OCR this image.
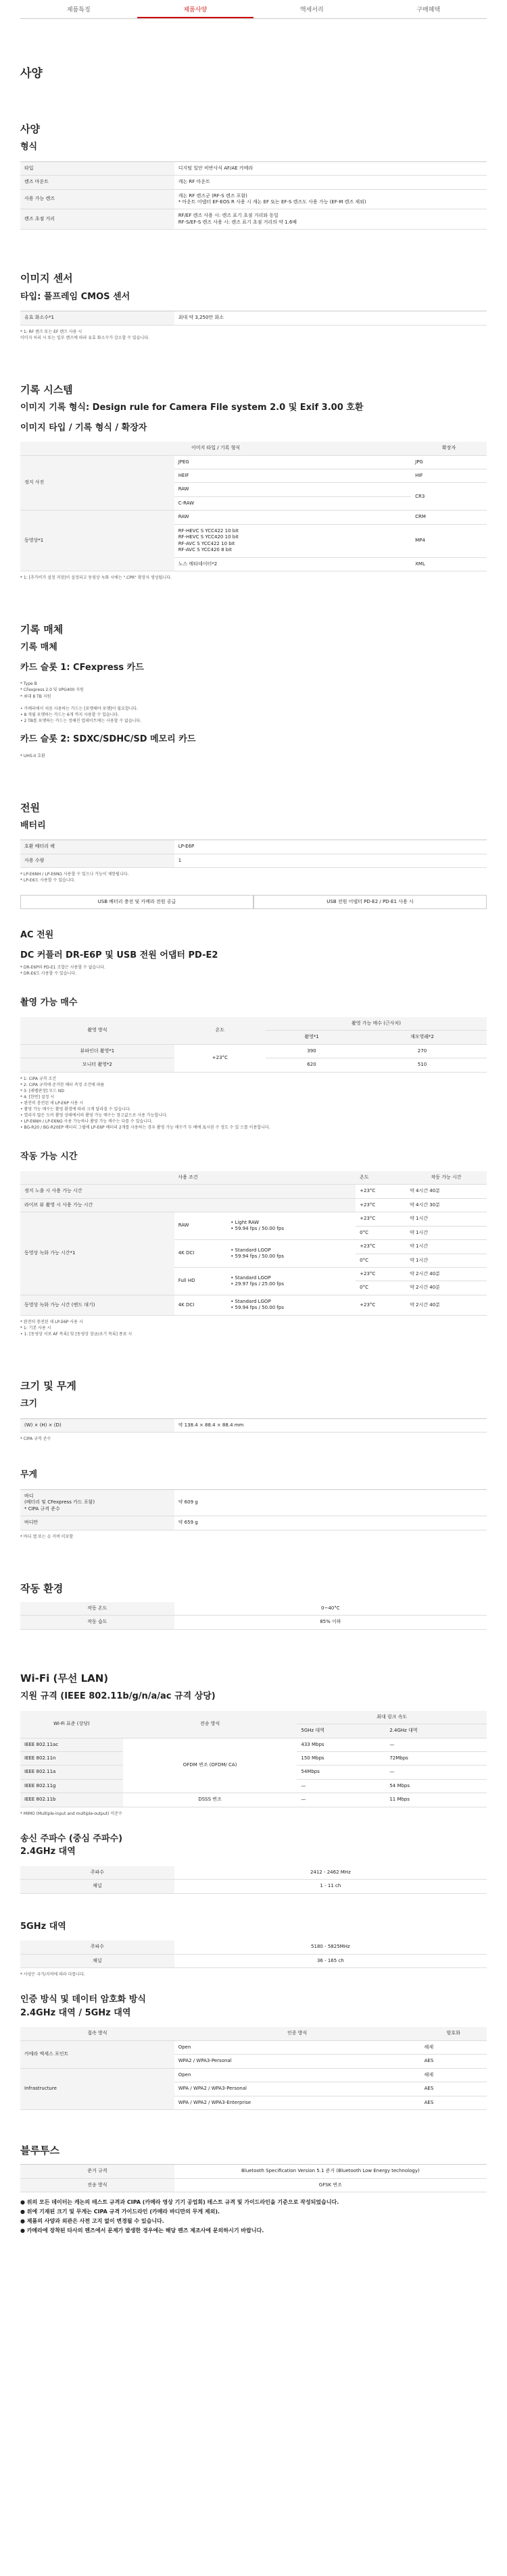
제품특징	제품사양	액세서리	구매혜택
사양
사양
형식
타입	디지털 일안 비반사식 AF/AE 카메라
렌즈 마운트	캐논 RF 마운트
사용 가능 렌즈	캐논 RF 렌즈군 (RF-S 렌즈 포함)
* 마운트 어댑터 EF-EOS R 사용 시 캐논 EF 또는 EF-S 렌즈도 사용 가능 (EF-M 렌즈 제외)
렌즈 초점 거리	RF/EF 렌즈 사용 시: 렌즈 표기 초점 거리와 동일
RF-S/EF-S 렌즈 사용 시: 렌즈 표기 초점 거리의 약 1.6배
이미지 센서
타입: 풀프레임 CMOS 센서
유효 화소수*1	최대 약 3,250만 화소
* 1: RF 렌즈 또는 EF 렌즈 사용 시
이미지 처리 시 또는 일부 렌즈에 따라 유효 화소수가 감소할 수 있습니다.
기록 시스템
이미지 기록 형식: Design rule for Camera File system 2.0 및 Exif 3.00 호환
이미지 타입 / 기록 형식 / 확장자
이미지 타입 / 기록 형식		확장자
정지 사진	JPEG	JPG
	HEIF	HIF
	RAW	CR3
	C-RAW	
동영상*1	RAW	CRM
	RF-HEVC S YCC422 10 bit
RF-HEVC S YCC420 10 bit
RF-AVC S YCC422 10 bit
RF-AVC S YCC420 8 bit	MP4
	노스 메타데이터*2	XML
* 1: [추가비가 설정 저장]이 설정되고 동영상 녹화 시에는 ".CPR" 확장자 생성됩니다.
기록 매체
기록 매체
카드 슬롯 1: CFexpress 카드
* Type B
* CFexpress 2.0 및 VPG400 지원
* 최대 8 TB 지원

• 카메라에서 처음 사용하는 카드는 [포맷해야 포맷]이 필요합니다.
• 8 개월 포맷하는 카드는 6개 까지 사용할 수 있습니다.
• 2 TB를 포맷하는 카드는 정해진 업데이트에는 사용할 수 없습니다.
카드 슬롯 2: SDXC/SDHC/SD 메모리 카드
* UHS-II 호환
전원
배터리
호환 배터리 팩	LP-E6P
사용 수량	1
* LP-E6NH / LP-E6NG 사용할 수 있으나 가능이 제한됩니다.
* LP-E6도 사용할 수 있습니다.
USB 배터리 충전 및 카메라 전원 공급	USB 전원 어댑터 PD-E2 / PD-E1 사용 시
AC 전원
DC 커플러 DR-E6P 및 USB 전원 어댑터 PD-E2
* DR-E6P와 PD-E1 조합은 사용할 수 없습니다.
* DR-E6도 사용할 수 있습니다.
촬영 가능 매수
촬영 방식	온도	촬영 가능 매수 (근사치)	
		촬영*1	재모영래*2
뷰파인더 촬영*1	+23°C	390	270
모니터 촬영*2		620	510
* 1: CIPA 규격 조건
* 2: CIPA 규격에 준거한 배터 측정 조건에 따름
* 3: [레벨판정] 모드 ND
* 4: [한번] 설정 시
• 완전히 충전된 새 LP-E6P 사용 시
• 촬영 가능 매수는 촬영 환경에 따라 크게 달라질 수 있습니다.
• 열리지 않은 도어 촬영 상태에서의 촬영 가능 매수는 참고값으로 사용 가능합니다.
• LP-E6NH / LP-E6NG 사용 가능하나 촬영 가능 매수는 다를 수 있습니다.
• BG-R20 / BG-R20EP 배터리 그립에 LP-E6P 배터리 2개를 사용하는 경우 촬영 가능 매수가 두 배에 표시된 수 정도 수 있 으를 이용합니다.
작동 가능 시간
사용 조건			온도	작동 가능 시간
정지 노출 시 사용 가능 시간			+23°C	약 4시간 40분
라이브 뷰 촬영 시 사용 가능 시간			+23°C	약 4시간 30분
동영상 녹화 가능 시간*1	RAW	• Light RAW
• 59.94 fps / 50.00 fps	+23°C	약 1시간
			0°C	약 1시간
	4K DCI	• Standard LGOP
• 59.94 fps / 50.00 fps	+23°C	약 1시간
			0°C	약 1시간
	Full HD	• Standard LGOP
• 29.97 fps / 25.00 fps	+23°C	약 2시간 40분
			0°C	약 2시간 40분
동영상 녹화 가능 시간 (엔드 대기)	4K DCI	• Standard LGOP
• 59.94 fps / 50.00 fps	+23°C	약 2시간 40분
* 완전히 충전된 새 LP-E6P 사용 시
* 1: 기본 사용 시
• 1: [동영상 서보 AF 목록] 및 [동영상 잠금/초기 목록] 종료 시
크기 및 무게
크기
(W) × (H) × (D)	약 138.4 × 88.4 × 88.4 mm
* CIPA 규격 준수
무게
바디
(배터리 및 CFexpress 카드 포함)
* CIPA 규격 준수	약 609 g
바디만	약 659 g
* 바디 캡 또는 슈 커버 미포함
작동 환경
작동 온도	0~40°C
작동 습도	85% 이하
Wi-Fi (무선 LAN)
지원 규격 (IEEE 802.11b/g/n/a/ac 규격 상당)
Wi-Fi 표준 (상당)	전송 방식	최대 링크 속도	
		5GHz 대역	2.4GHz 대역
IEEE 802.11ac	OFDM 변조 (OFDM/ CA)	433 Mbps	—
IEEE 802.11n		150 Mbps	72Mbps
IEEE 802.11a		54Mbps	—
IEEE 802.11g		—	54 Mbps
IEEE 802.11b	DSSS 변조	—	11 Mbps
* MIMO (Multiple-input and multiple-output) 미준수
송신 주파수 (중심 주파수)
2.4GHz 대역
주파수	2412 - 2462 MHz
채널	1 - 11 ch
5GHz 대역
주파수	5180 - 5825MHz
채널	36 - 165 ch
* 사양은 국가/지역에 따라 다릅니다.
인증 방식 및 데이터 암호화 방식
2.4GHz 대역 / 5GHz 대역
접속 방식	인증 방식	암호화
카메라 액세스 포인트	Open	해제
	WPA2 / WPA3-Personal	AES
Infrastructure	Open	해제
	WPA / WPA2 / WPA3-Personal	AES
	WPA / WPA2 / WPA3-Enterprise	AES
블루투스
준거 규격	Bluetooth Specification Version 5.1 준거 (Bluetooth Low Energy technology)
전송 방식	GFSK 변조
● 위의 모든 데이터는 캐논의 테스트 규격과 CIPA (카메라 영상 기기 공업회) 테스트 규격 및 가이드라인을 기준으로 작성되었습니다.
● 위에 기재된 크기 및 무게는 CIPA 규격 가이드라인 (카메라 바디만의 무게 제외).
● 제품의 사양과 외관은 사전 고지 없이 변경될 수 있습니다.
● 카메라에 장착된 타사의 렌즈에서 문제가 발생한 경우에는 해당 렌즈 제조사에 문의하시기 바랍니다.
